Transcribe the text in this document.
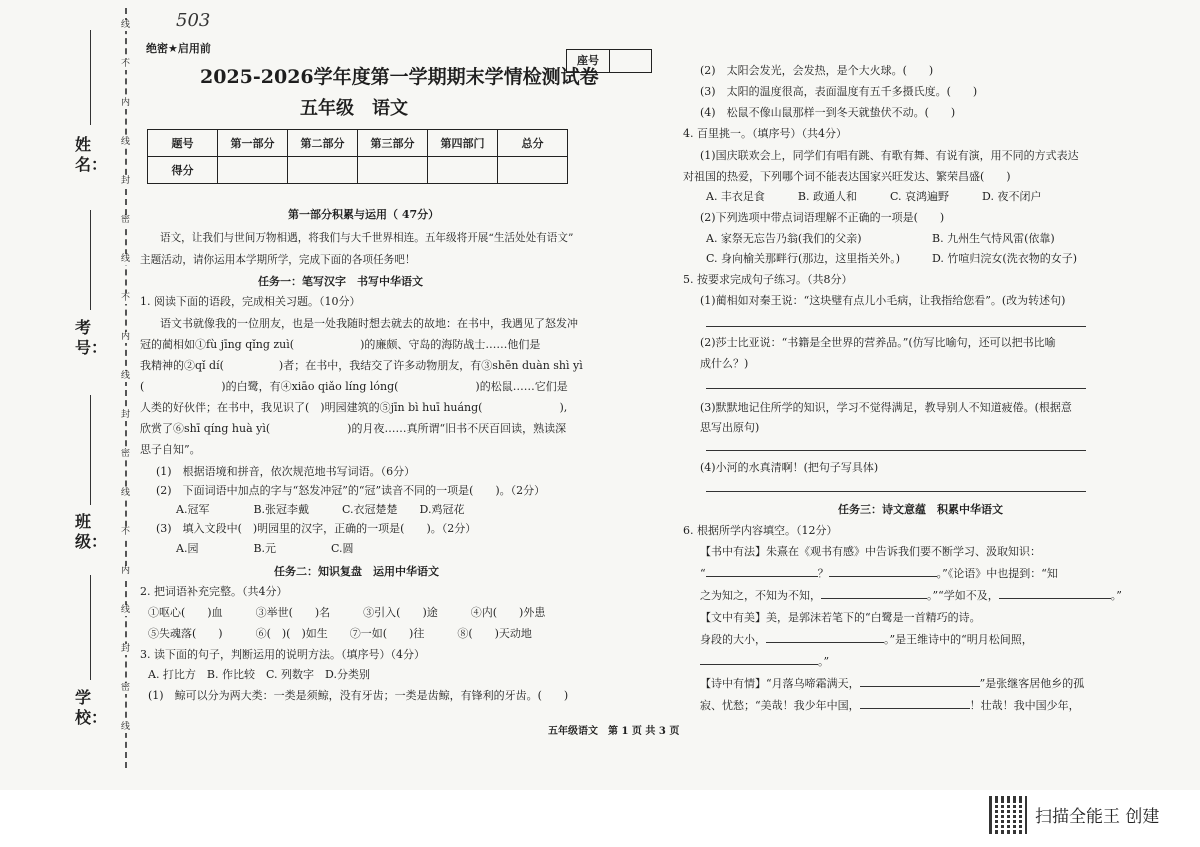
线
不
内
线
封
密
线
不
内
线
封
密
线
不
内
线
封
密
线
姓名：
考号：
班级：
学校：
503
绝密★启用前
2025-2026学年度第一学期期末学情检测试卷
五年级　语文
座号
题号	第一部分	第二部分	第三部分	第四部门	总分
得分					
第一部分积累与运用（ 47分）
语文，让我们与世间万物相遇，将我们与大千世界相连。五年级将开展“生活处处有语文”
主题活动，请你运用本学期所学，完成下面的各项任务吧！
任务一：笔写汉字　书写中华语文
1. 阅读下面的语段，完成相关习题。（10分）
语文书就像我的一位朋友，也是一处我随时想去就去的故地：在书中，我遇见了怒发冲
冠的蔺相如①fù jīng qǐng zuì(　　　　　　)的廉颇、守岛的海防战士……他们是
我精神的②qǐ dí(　　　　　)者；在书中，我结交了许多动物朋友，有③shēn duàn shì yì
(　　　　　　　)的白鹭，有④xiāo qiǎo líng lóng(　　　　　　　)的松鼠……它们是
人类的好伙伴；在书中，我见识了(　)明园建筑的⑤jīn bì huī huáng(　　　　　　　),
欣赏了⑥shī qíng huà yì(　　　　　　　)的月夜……真所谓“旧书不厌百回读，熟读深
思子自知”。
(1)　根据语境和拼音，依次规范地书写词语。（6分）
(2)　下面词语中加点的字与“怒发冲冠”的“冠”读音不同的一项是(　　)。（2分）
A.冠军　　　　B.张冠李戴　　　C.衣冠楚楚　　D.鸡冠花
(3)　填入文段中(　)明园里的汉字，正确的一项是(　　)。（2分）
A.园　　　　　B.元　　　　　C.圆
任务二：知识复盘　运用中华语文
2. 把词语补充完整。（共4分）
①呕心(　　)血　　　③举世(　　)名　　　③引入(　　)途　　　④内(　　)外患
⑤失魂落(　　)　　　⑥(　)(　)如生　　⑦一如(　　)往　　　⑧(　　)天动地
3. 读下面的句子，判断运用的说明方法。（填序号）（4分）
A. 打比方　B. 作比较　C. 列数字　D.分类别
(1)　鲸可以分为两大类：一类是须鲸，没有牙齿；一类是齿鲸，有锋利的牙齿。(　　)
(2)　太阳会发光，会发热，是个大火球。(　　)
(3)　太阳的温度很高，表面温度有五千多摄氏度。(　　)
(4)　松鼠不像山鼠那样一到冬天就蛰伏不动。(　　)
4. 百里挑一。（填序号）（共4分）
(1)国庆联欢会上，同学们有唱有跳、有歌有舞、有说有演，用不同的方式表达
对祖国的热爱，下列哪个词不能表达国家兴旺发达、繁荣昌盛(　　)
A. 丰衣足食　　　B. 政通人和　　　C. 哀鸿遍野　　　D. 夜不闭户
(2)下列选项中带点词语理解不正确的一项是(　　)
A. 家祭无忘告乃翁(我们的父亲)	B. 九州生气恃风雷(依靠)
C. 身向榆关那畔行(那边，这里指关外。)	D. 竹喧归浣女(洗衣物的女子)
5. 按要求完成句子练习。（共8分）
(1)蔺相如对秦王说：“这块璧有点儿小毛病，让我指给您看”。(改为转述句)
(2)莎士比亚说：“书籍是全世界的营养品。”(仿写比喻句，还可以把书比喻
成什么？)
(3)默默地记住所学的知识，学习不觉得满足，教导别人不知道疲倦。(根据意
思写出原句)
(4)小河的水真清啊！(把句子写具体)
任务三：诗文意蕴　积累中华语文
6. 根据所学内容填空。（12分）
【书中有法】朱熹在《观书有感》中告诉我们要不断学习、汲取知识：
“	？	。”《论语》中也提到：“知
之为知之，不知为不知，	。”“学如不及，	。”
【文中有美】美，是郭沫若笔下的“白鹭是一首精巧的诗。
身段的大小，	。”是王维诗中的“明月松间照，
。”
【诗中有情】“月落乌啼霜满天，	”是张继客居他乡的孤
寂、忧愁；“美哉！我少年中国，	！壮哉！我中国少年，
五年级语文　第 1 页 共 3 页
扫描全能王 创建
